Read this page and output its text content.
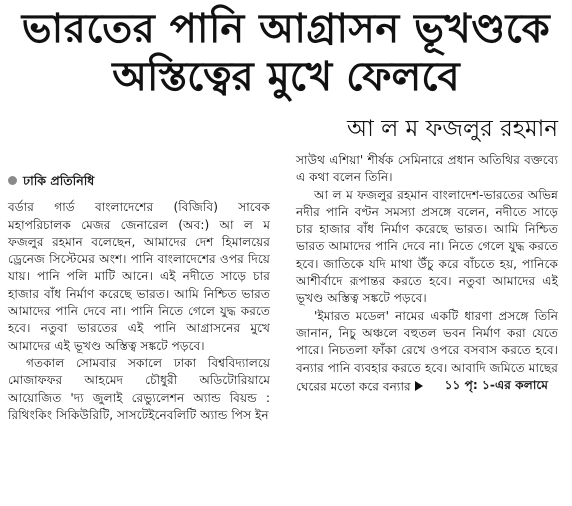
ভারতের পানি আগ্রাসন ভূখণ্ডকে
অস্তিত্বের মুখে ফেলবে
আ ল ম ফজলুর রহমান
ঢাকি প্রতিনিধি

বর্ডার গার্ড বাংলাদেশের (বিজিবি) সাবেক মহাপরিচালক মেজর জেনারেল (অব:) আ ল ম ফজলুর রহমান বলেছেন, আমাদের দেশ হিমালয়ের ড্রেনেজ সিস্টেমের অংশ। পানি বাংলাদেশের ওপর দিয়ে যায়। পানি পলি মাটি আনে। এই নদীতে সাড়ে চার হাজার বাঁধ নির্মাণ করেছে ভারত। আমি নিশ্চিত ভারত আমাদের পানি দেবে না। পানি নিতে গেলে যুদ্ধ করতে হবে। নতুবা ভারতের এই পানি আগ্রাসনের মুখে আমাদের এই ভূখণ্ড অস্তিত্ব সঙ্কটে পড়বে।

গতকাল সোমবার সকালে ঢাকা বিশ্ববিদ্যালয়ে মোজাফফর আহমেদ চৌধুরী অডিটোরিয়ামে আয়োজিত 'দ্য জুলাই রেভ্যুলেশন অ্যান্ড বিয়ন্ড : রিথিংকিং সিকিউরিটি, সাসটেইনেবলিটি অ্যান্ড পিস ইন

সাউথ এশিয়া' শীর্ষক সেমিনারে প্রধান অতিথির বক্তব্যে এ কথা বলেন তিনি।

আ ল ম ফজলুর রহমান বাংলাদেশ-ভারতের অভিন্ন নদীর পানি বণ্টন সমস্যা প্রসঙ্গে বলেন, নদীতে সাড়ে চার হাজার বাঁধ নির্মাণ করেছে ভারত। আমি নিশ্চিত ভারত আমাদের পানি দেবে না। নিতে গেলে যুদ্ধ করতে হবে। জাতিকে যদি মাথা উঁচু করে বাঁচতে হয়, পানিকে আশীর্বাদে রূপান্তর করতে হবে। নতুবা আমাদের এই ভূখণ্ড অস্তিত্ব সঙ্কটে পড়বে।

'ইমারত মডেল' নামের একটি ধারণা প্রসঙ্গে তিনি জানান, নিচু অঞ্চলে বহুতল ভবন নির্মাণ করা যেতে পারে। নিচতলা ফাঁকা রেখে ওপরে বসবাস করতে হবে। বন্যার পানি ব্যবহার করতে হবে। আবাদি জমিতে মাছের ঘেরের মতো করে বন্যার	১১ পৃ: ১-এর কলামে
